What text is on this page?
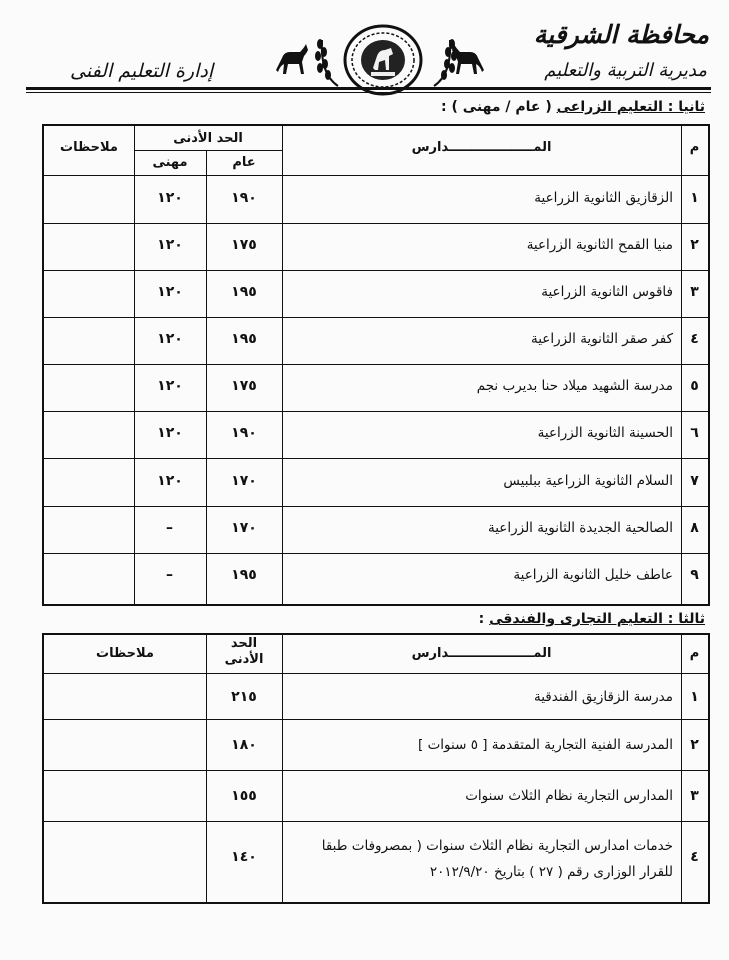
محافظة الشرقية
مديرية التربية والتعليم
إدارة التعليم الفنى
ثانيا : التعليم الزراعى ( عام / مهنى ) :
م
المـــــــــــــــــــدارس
الحد الأدنى
عام
مهنى
ملاحظات
١
الزقازيق الثانوية الزراعية
١٩٠
١٢٠
٢
منيا القمح الثانوية الزراعية
١٧٥
١٢٠
٣
فاقوس الثانوية الزراعية
١٩٥
١٢٠
٤
كفر صقر الثانوية الزراعية
١٩٥
١٢٠
٥
مدرسة الشهيد ميلاد حنا بديرب نجم
١٧٥
١٢٠
٦
الحسينة الثانوية الزراعية
١٩٠
١٢٠
٧
السلام الثانوية الزراعية ببلبيس
١٧٠
١٢٠
٨
الصالحية الجديدة الثانوية الزراعية
١٧٠
–
٩
عاطف خليل الثانوية الزراعية
١٩٥
–
ثالثا : التعليم التجارى والفندقى :
م
المـــــــــــــــــــدارس
الحد
الأدنى
ملاحظات
١
مدرسة الزقازيق الفندقية
٢١٥
٢
المدرسة الفنية التجارية المتقدمة [ ٥ سنوات ]
١٨٠
٣
المدارس التجارية نظام الثلاث سنوات
١٥٥
٤
خدمات امدارس التجارية نظام الثلاث سنوات ( بمصروفات طبقا للقرار الوزارى رقم ( ٢٧ ) بتاريخ ٢٠١٢/٩/٢٠
١٤٠
